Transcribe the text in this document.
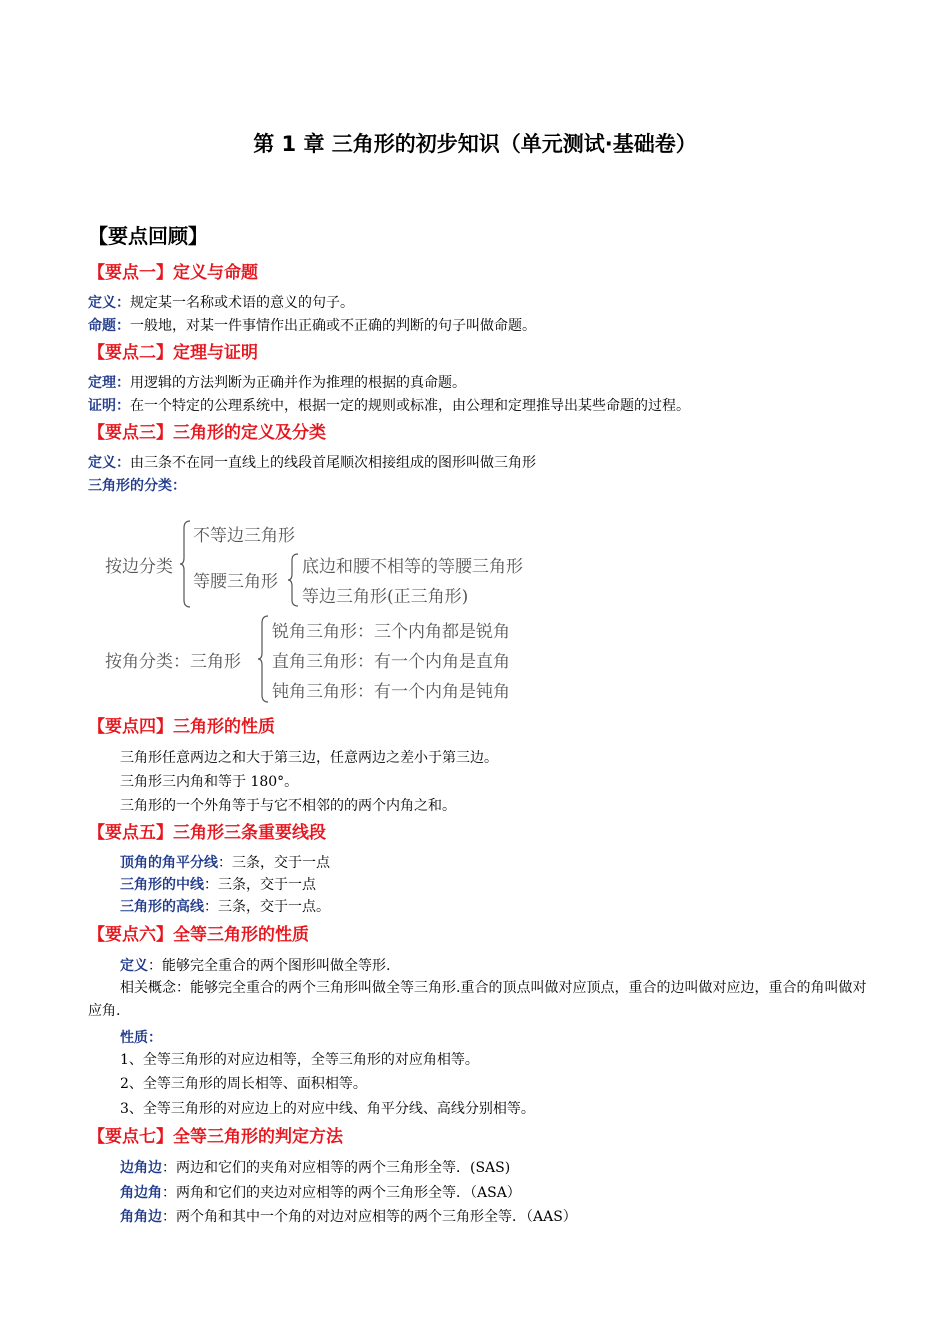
第 1 章 三角形的初步知识（单元测试·基础卷）
【要点回顾】
【要点一】定义与命题
定义：规定某一名称或术语的意义的句子。
命题：一般地，对某一件事情作出正确或不正确的判断的句子叫做命题。
【要点二】定理与证明
定理：用逻辑的方法判断为正确并作为推理的根据的真命题。
证明：在一个特定的公理系统中，根据一定的规则或标准，由公理和定理推导出某些命题的过程。
【要点三】三角形的定义及分类
定义：由三条不在同一直线上的线段首尾顺次相接组成的图形叫做三角形
三角形的分类：
按边分类
不等边三角形
等腰三角形
底边和腰不相等的等腰三角形
等边三角形(正三角形)
按角分类：三角形
锐角三角形：三个内角都是锐角
直角三角形：有一个内角是直角
钝角三角形：有一个内角是钝角
【要点四】三角形的性质
三角形任意两边之和大于第三边，任意两边之差小于第三边。
三角形三内角和等于 180°。
三角形的一个外角等于与它不相邻的的两个内角之和。
【要点五】三角形三条重要线段
顶角的角平分线：三条，交于一点
三角形的中线：三条，交于一点
三角形的高线：三条，交于一点。
【要点六】全等三角形的性质
定义：能够完全重合的两个图形叫做全等形.
相关概念：能够完全重合的两个三角形叫做全等三角形.重合的顶点叫做对应顶点，重合的边叫做对应边，重合的角叫做对应角.
性质：
1、全等三角形的对应边相等，全等三角形的对应角相等。
2、全等三角形的周长相等、面积相等。
3、全等三角形的对应边上的对应中线、角平分线、高线分别相等。
【要点七】全等三角形的判定方法
边角边：两边和它们的夹角对应相等的两个三角形全等．(SAS)
角边角：两角和它们的夹边对应相等的两个三角形全等．（ASA）
角角边：两个角和其中一个角的对边对应相等的两个三角形全等．（AAS）
